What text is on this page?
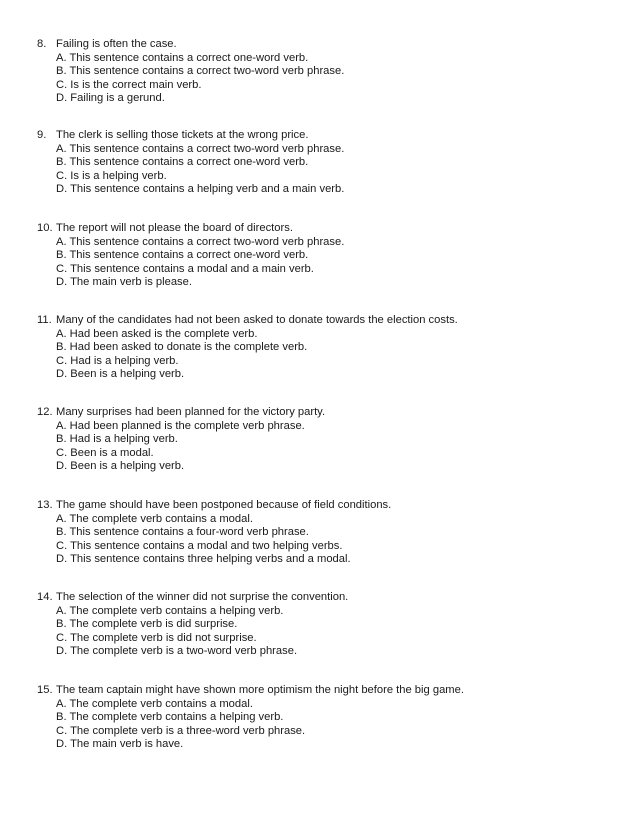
8. Failing is often the case.
A. This sentence contains a correct one-word verb.
B. This sentence contains a correct two-word verb phrase.
C. Is is the correct main verb.
D. Failing is a gerund.
9. The clerk is selling those tickets at the wrong price.
A. This sentence contains a correct two-word verb phrase.
B. This sentence contains a correct one-word verb.
C. Is is a helping verb.
D. This sentence contains a helping verb and a main verb.
10. The report will not please the board of directors.
A. This sentence contains a correct two-word verb phrase.
B. This sentence contains a correct one-word verb.
C. This sentence contains a modal and a main verb.
D. The main verb is please.
11. Many of the candidates had not been asked to donate towards the election costs.
A. Had been asked is the complete verb.
B. Had been asked to donate is the complete verb.
C. Had is a helping verb.
D. Been is a helping verb.
12. Many surprises had been planned for the victory party.
A. Had been planned is the complete verb phrase.
B. Had is a helping verb.
C. Been is a modal.
D. Been is a helping verb.
13. The game should have been postponed because of field conditions.
A. The complete verb contains a modal.
B. This sentence contains a four-word verb phrase.
C. This sentence contains a modal and two helping verbs.
D. This sentence contains three helping verbs and a modal.
14. The selection of the winner did not surprise the convention.
A. The complete verb contains a helping verb.
B. The complete verb is did surprise.
C. The complete verb is did not surprise.
D. The complete verb is a two-word verb phrase.
15. The team captain might have shown more optimism the night before the big game.
A. The complete verb contains a modal.
B. The complete verb contains a helping verb.
C. The complete verb is a three-word verb phrase.
D. The main verb is have.
